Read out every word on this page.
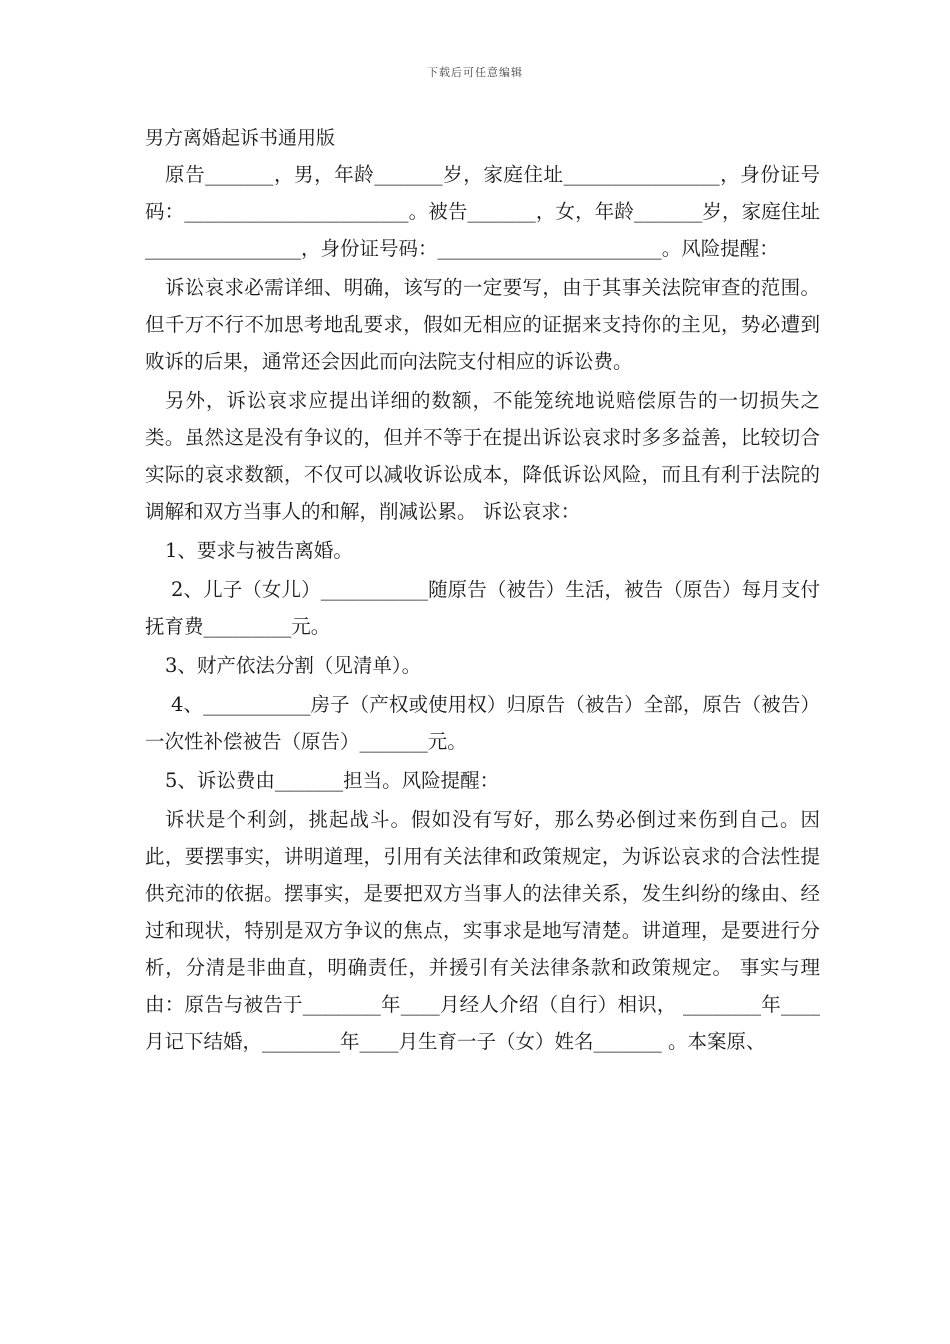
下载后可任意编辑
男方离婚起诉书通用版

原告_______，男，年龄_______岁，家庭住址________________，身份证号码：_______________________。被告_______，女，年龄_______岁，家庭住址________________，身份证号码：_______________________。风险提醒：

诉讼哀求必需详细、明确，该写的一定要写，由于其事关法院审查的范围。但千万不行不加思考地乱要求，假如无相应的证据来支持你的主见，势必遭到败诉的后果，通常还会因此而向法院支付相应的诉讼费。

另外，诉讼哀求应提出详细的数额，不能笼统地说赔偿原告的一切损失之类。虽然这是没有争议的，但并不等于在提出诉讼哀求时多多益善，比较切合实际的哀求数额，不仅可以减收诉讼成本，降低诉讼风险，而且有利于法院的调解和双方当事人的和解，削减讼累。 诉讼哀求：

1、要求与被告离婚。

2、儿子（女儿）___________随原告（被告）生活，被告（原告）每月支付抚育费_________元。

3、财产依法分割（见清单）。

4、___________房子（产权或使用权）归原告（被告）全部，原告（被告）一次性补偿被告（原告）_______元。

5、诉讼费由_______担当。风险提醒：

诉状是个利剑，挑起战斗。假如没有写好，那么势必倒过来伤到自己。因此，要摆事实，讲明道理，引用有关法律和政策规定，为诉讼哀求的合法性提供充沛的依据。摆事实，是要把双方当事人的法律关系，发生纠纷的缘由、经过和现状，特别是双方争议的焦点，实事求是地写清楚。讲道理，是要进行分析，分清是非曲直，明确责任，并援引有关法律条款和政策规定。 事实与理由：原告与被告于________年____月经人介绍（自行）相识， ________年____月记下结婚，________年____月生育一子（女）姓名_______ 。本案原、
